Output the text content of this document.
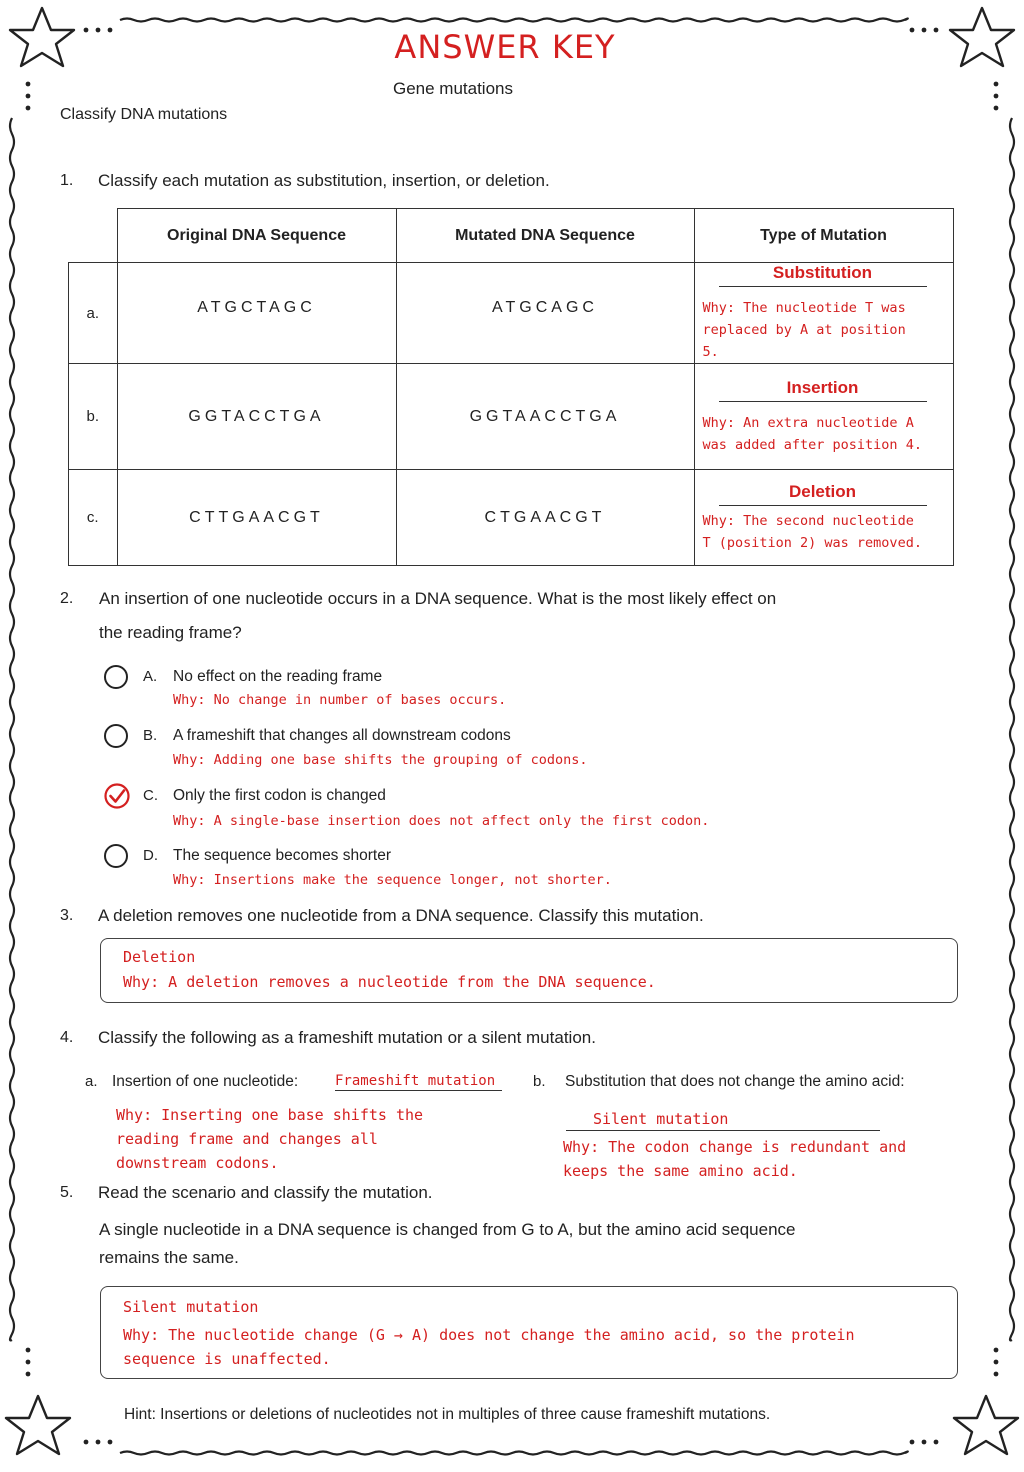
ANSWER KEY
Gene mutations
Classify DNA mutations
1. Classify each mutation as substitution, insertion, or deletion.
	Original DNA Sequence	Mutated DNA Sequence	Type of Mutation
a.	ATGCTAGC	ATGCAGC	Substitution
Why: The nucleotide T was replaced by A at position 5.

b.	GGTACCTGA	GGTAACCTGA	Insertion
Why: An extra nucleotide A was added after position 4.

c.	CTTGAACGT	CTGAACGT	Deletion
Why: The second nucleotide T (position 2) was removed.
2. An insertion of one nucleotide occurs in a DNA sequence. What is the most likely effect on
the reading frame?
A. No effect on the reading frame
Why: No change in number of bases occurs.
B. A frameshift that changes all downstream codons
Why: Adding one base shifts the grouping of codons.
C. Only the first codon is changed
Why: A single-base insertion does not affect only the first codon.
D. The sequence becomes shorter
Why: Insertions make the sequence longer, not shorter.
3. A deletion removes one nucleotide from a DNA sequence. Classify this mutation.
Deletion
Why: A deletion removes a nucleotide from the DNA sequence.
4. Classify the following as a frameshift mutation or a silent mutation.
a. Insertion of one nucleotide:	Frameshift mutation
Why: Inserting one base shifts the
reading frame and changes all
downstream codons.
b. Substitution that does not change the amino acid:
Silent mutation
Why: The codon change is redundant and
keeps the same amino acid.
5. Read the scenario and classify the mutation.
A single nucleotide in a DNA sequence is changed from G to A, but the amino acid sequence
remains the same.
Silent mutation
Why: The nucleotide change (G → A) does not change the amino acid, so the protein
sequence is unaffected.
Hint: Insertions or deletions of nucleotides not in multiples of three cause frameshift mutations.
